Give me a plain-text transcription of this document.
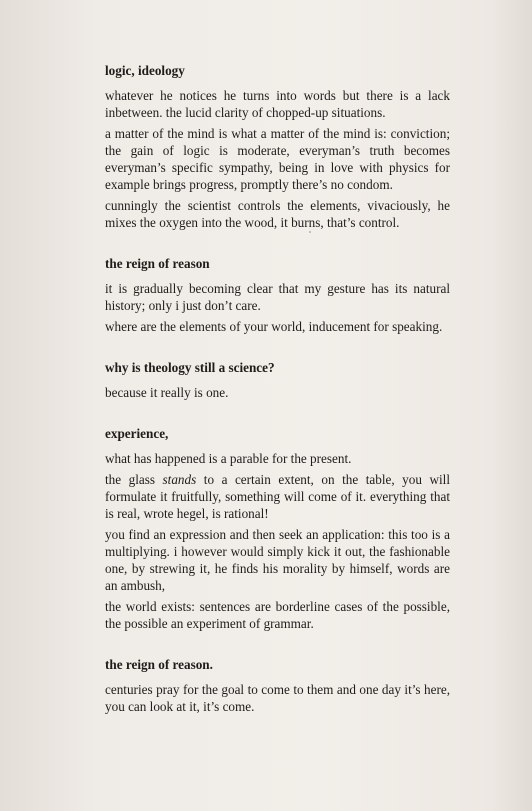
logic, ideology

whatever he notices he turns into words but there is a lack inbetween. the lucid clarity of chopped-up situations.

a matter of the mind is what a matter of the mind is: conviction; the gain of logic is moderate, everyman’s truth becomes everyman’s specific sympathy, being in love with physics for example brings progress, promptly there’s no condom.

cunningly the scientist controls the elements, vivaciously, he mixes the oxygen into the wood, it burns, that’s control.

the reign of reason

it is gradually becoming clear that my gesture has its natural history; only i just don’t care.

where are the elements of your world, inducement for speaking.

why is theology still a science?

because it really is one.

experience,

what has happened is a parable for the present.

the glass stands to a certain extent, on the table, you will formulate it fruitfully, something will come of it. everything that is real, wrote hegel, is rational!

you find an expression and then seek an application: this too is a multiplying. i however would simply kick it out, the fashionable one, by strewing it, he finds his morality by himself, words are an ambush,

the world exists: sentences are borderline cases of the possible, the possible an experiment of grammar.

the reign of reason.

centuries pray for the goal to come to them and one day it’s here, you can look at it, it’s come.
